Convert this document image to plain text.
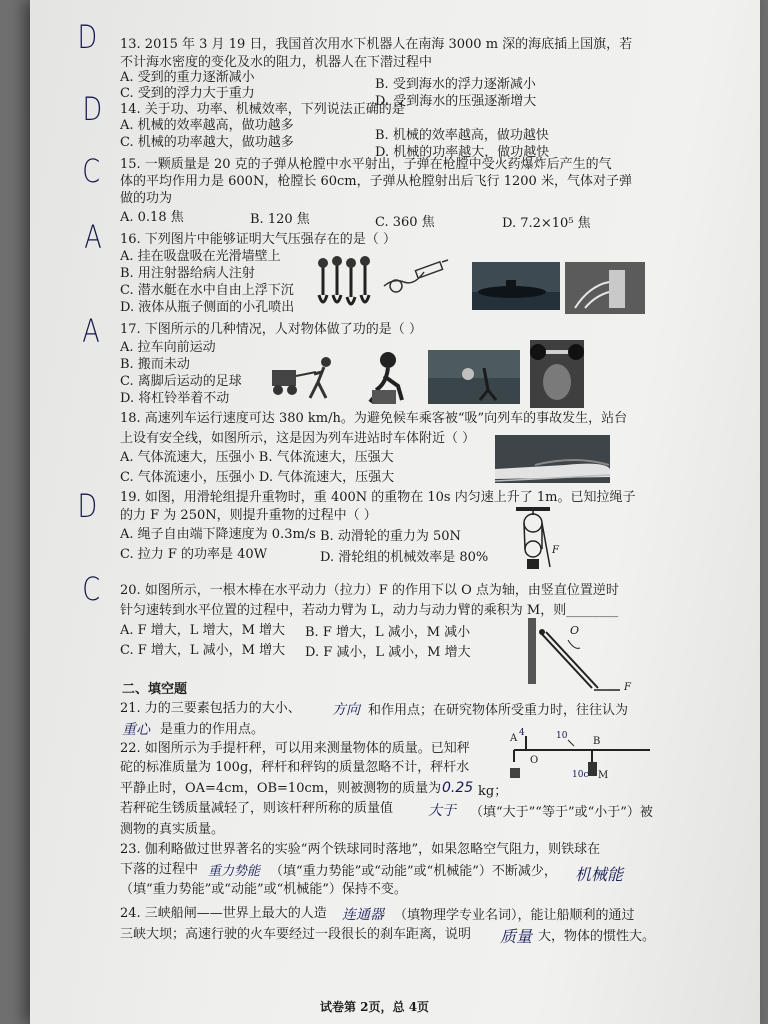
D
D
C
A
A
D
C
13. 2015 年 3 月 19 日，我国首次用水下机器人在南海 3000 m 深的海底插上国旗，若
不计海水密度的变化及水的阻力，机器人在下潜过程中
A. 受到的重力逐渐减小	B. 受到海水的浮力逐渐减小
C. 受到的浮力大于重力
D. 受到海水的压强逐渐增大
14. 关于功、功率、机械效率，下列说法正确的是
A. 机械的效率越高，做功越多
B. 机械的效率越高，做功越快
C. 机械的功率越大，做功越多
D. 机械的功率越大，做功越快
15. 一颗质量是 20 克的子弹从枪膛中水平射出，子弹在枪膛中受火药爆炸后产生的气
体的平均作用力是 600N，枪膛长 60cm，子弹从枪膛射出后飞行 1200 米，气体对子弹
做的功为
A. 0.18 焦	B. 120 焦	C. 360 焦	D. 7.2×10⁵ 焦
16. 下列图片中能够证明大气压强存在的是（ ）
A. 挂在吸盘吸在光滑墙壁上
B. 用注射器给病人注射
C. 潜水艇在水中自由上浮下沉
D. 液体从瓶子侧面的小孔喷出
17. 下图所示的几种情况，人对物体做了功的是（ ）
A. 拉车向前运动
B. 搬而未动
C. 离脚后运动的足球
D. 将杠铃举着不动
18. 高速列车运行速度可达 380 km/h。为避免候车乘客被“吸”向列车的事故发生，站台
上设有安全线，如图所示，这是因为列车进站时车体附近（ ）
A. 气体流速大，压强小 B. 气体流速大，压强大
C. 气体流速小，压强小 D. 气体流速大，压强大
19. 如图，用滑轮组提升重物时，重 400N 的重物在 10s 内匀速上升了 1m。已知拉绳子
的力 F 为 250N，则提升重物的过程中（ ）
A. 绳子自由端下降速度为 0.3m/s B. 动滑轮的重力为 50N
C. 拉力 F 的功率是 40W	D. 滑轮组的机械效率是 80%	F
20. 如图所示，一根木棒在水平动力（拉力）F 的作用下以 O 点为轴，由竖直位置逆时
针匀速转到水平位置的过程中，若动力臂为 L，动力与动力臂的乘积为 M，则________
A. F 增大，L 增大，M 增大 B. F 增大，L 减小，M 减小
C. F 增大，L 减小，M 增大 D. F 减小，L 减小，M 增大
O
F
二、填空题
21. 力的三要素包括力的大小、 方向 和作用点；在研究物体所受重力时，往往认为
重心 是重力的作用点。
22. 如图所示为手提杆秤，可以用来测量物体的质量。已知秤
砣的标准质量为 100g，秤杆和秤钩的质量忽略不计，秤杆水
平静止时，OA=4cm，OB=10cm，则被测物的质量为 0.25 kg；
若秤砣生锈质量减轻了，则该杆秤所称的质量值 大于 （填“大于”“等于”或“小于”）被
测物的真实质量。
A 4	10	B
O
10c M
23. 伽利略做过世界著名的实验“两个铁球同时落地”，如果忽略空气阻力，则铁球在
下落的过程中 重力势能 （填“重力势能”或“动能”或“机械能”）不断减少， 机械能
（填“重力势能”或“动能”或“机械能”）保持不变。
24. 三峡船闸——世界上最大的人造 连通器 （填物理学专业名词），能让船顺利的通过
三峡大坝；高速行驶的火车要经过一段很长的刹车距离，说明 质量 大，物体的惯性大。
试卷第 2页，总 4页
